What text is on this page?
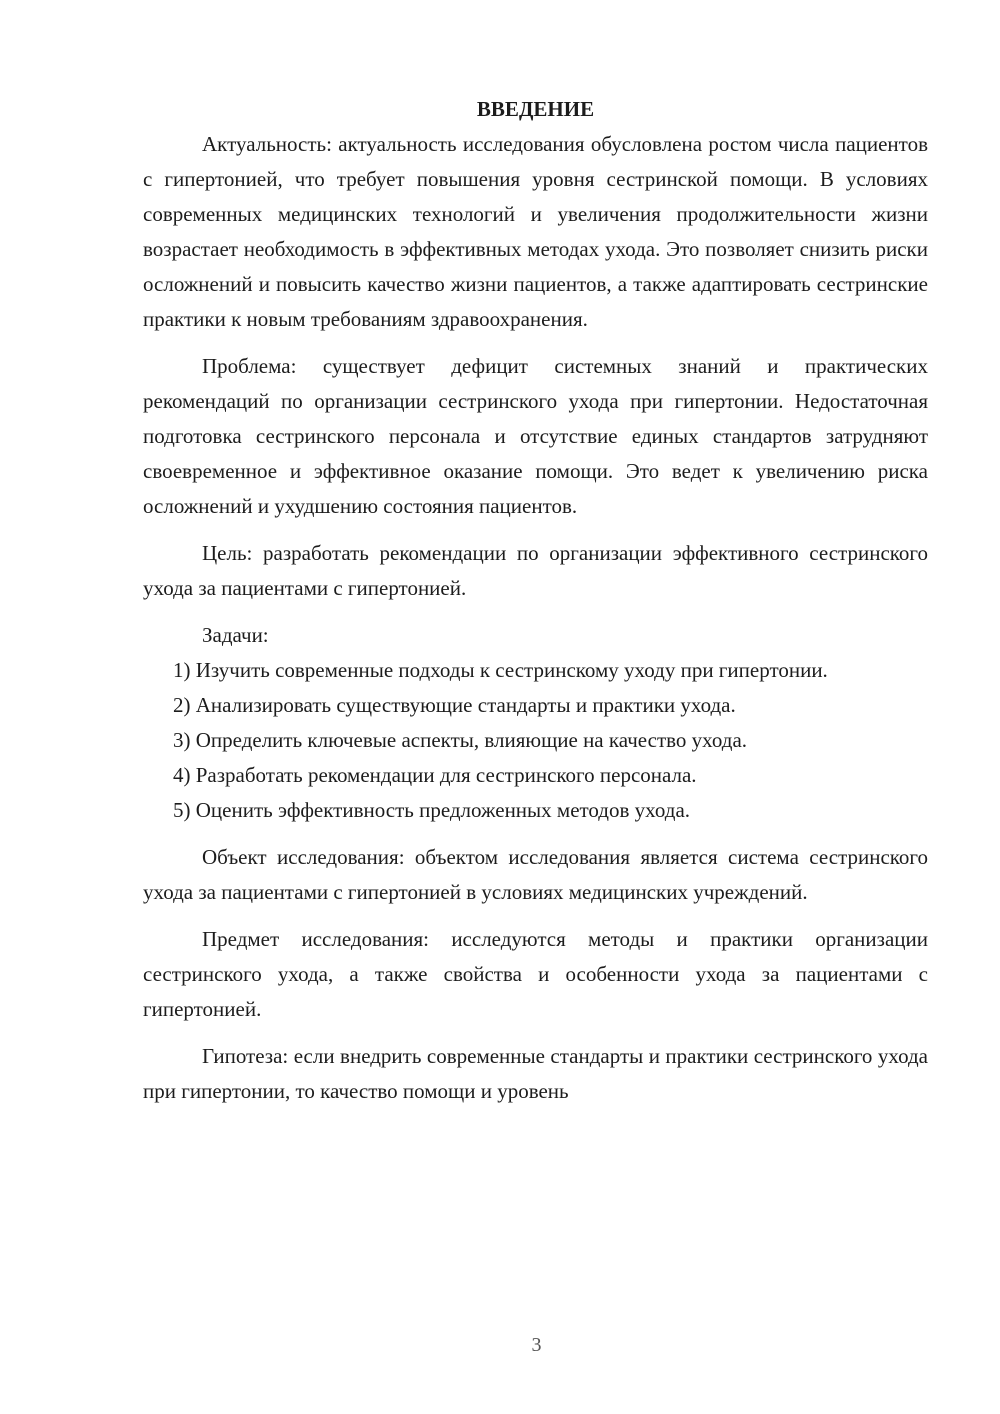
ВВЕДЕНИЕ

Актуальность: актуальность исследования обусловлена ростом числа пациентов с гипертонией, что требует повышения уровня сестринской помощи. В условиях современных медицинских технологий и увеличения продолжительности жизни возрастает необходимость в эффективных методах ухода. Это позволяет снизить риски осложнений и повысить качество жизни пациентов, а также адаптировать сестринские практики к новым требованиям здравоохранения.

Проблема: существует дефицит системных знаний и практических рекомендаций по организации сестринского ухода при гипертонии. Недостаточная подготовка сестринского персонала и отсутствие единых стандартов затрудняют своевременное и эффективное оказание помощи. Это ведет к увеличению риска осложнений и ухудшению состояния пациентов.

Цель: разработать рекомендации по организации эффективного сестринского ухода за пациентами с гипертонией.

Задачи:

1) Изучить современные подходы к сестринскому уходу при гипертонии.

2) Анализировать существующие стандарты и практики ухода.

3) Определить ключевые аспекты, влияющие на качество ухода.

4) Разработать рекомендации для сестринского персонала.

5) Оценить эффективность предложенных методов ухода.

Объект исследования: объектом исследования является система сестринского ухода за пациентами с гипертонией в условиях медицинских учреждений.

Предмет исследования: исследуются методы и практики организации сестринского ухода, а также свойства и особенности ухода за пациентами с гипертонией.

Гипотеза: если внедрить современные стандарты и практики сестринского ухода при гипертонии, то качество помощи и уровень

3
